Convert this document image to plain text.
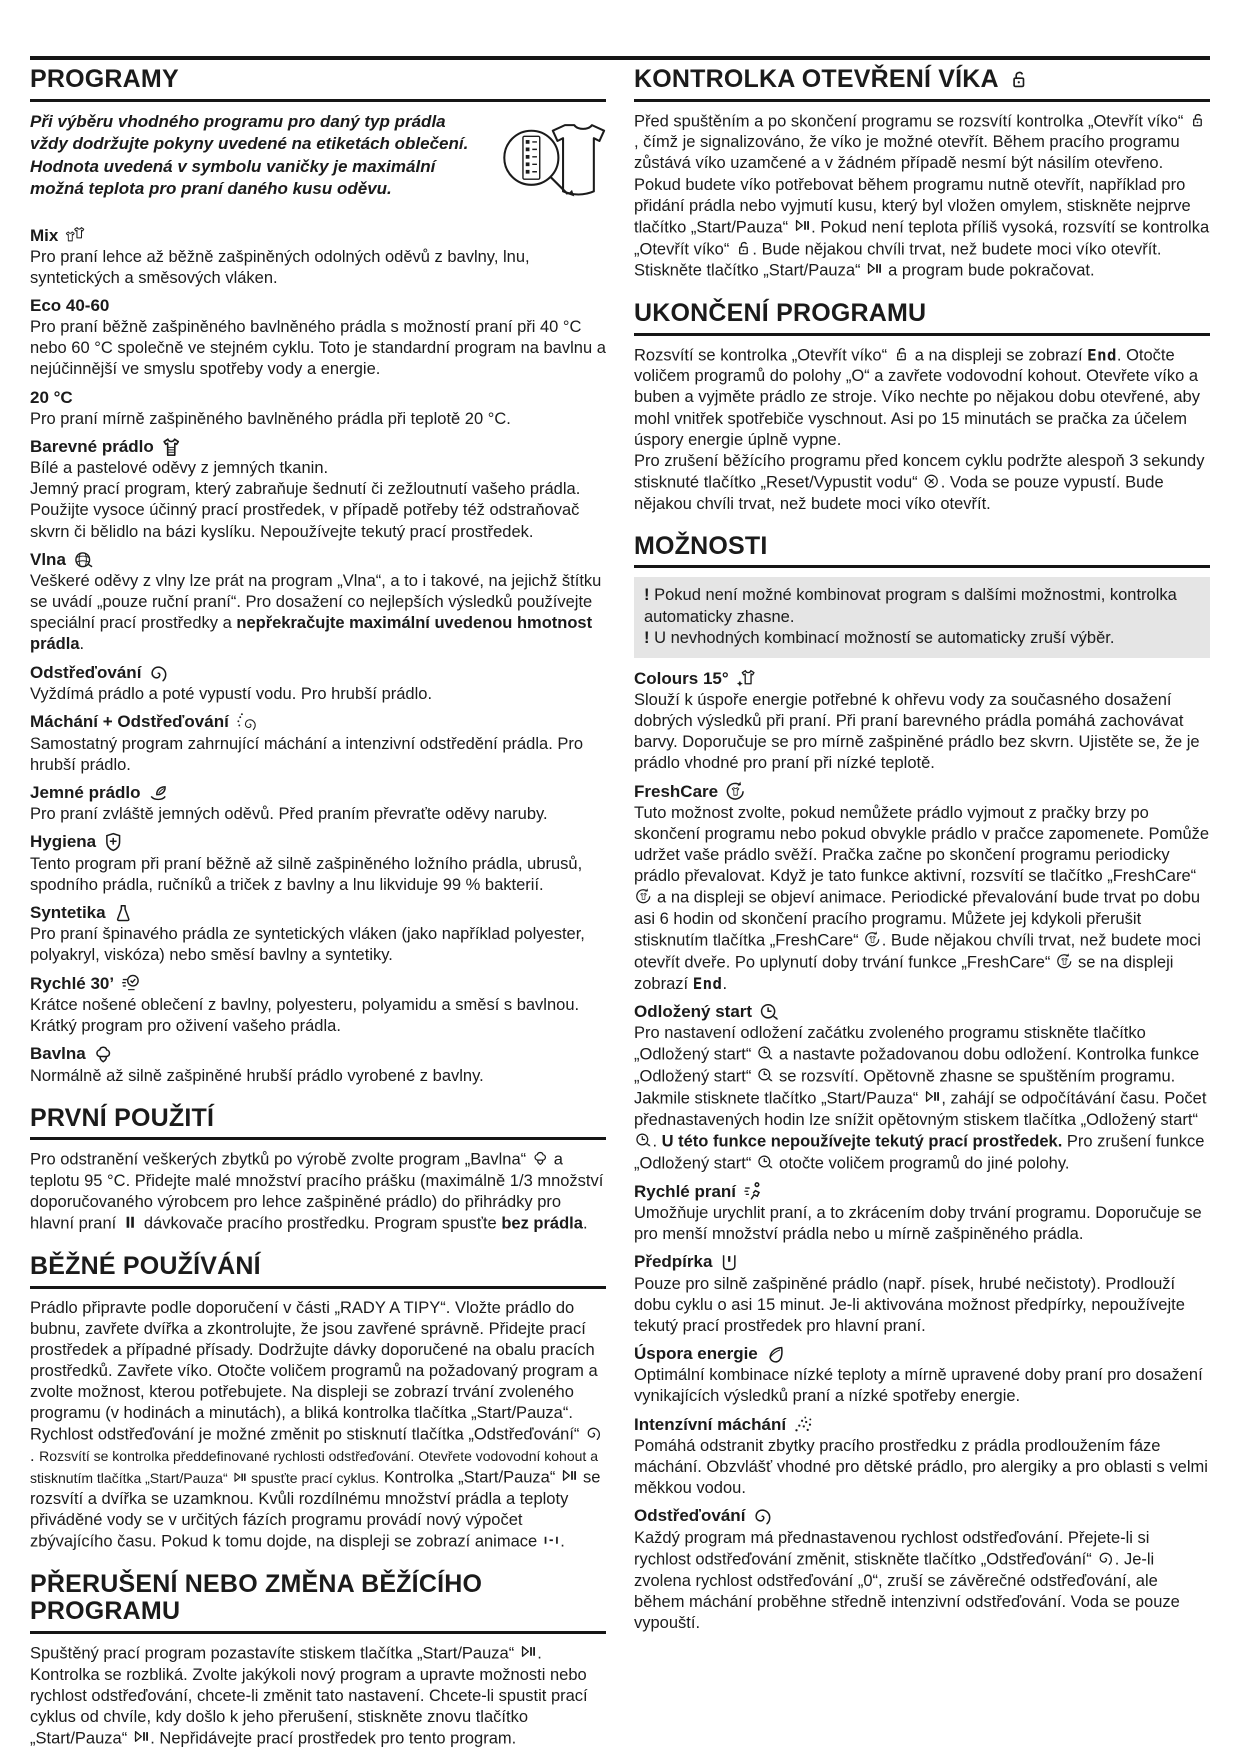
PROGRAMY

Při výběru vhodného programu pro daný typ prádla vždy dodržujte pokyny uvedené na etiketách oblečení. Hodnota uvedená v symbolu vaničky je maximální možná teplota pro praní daného kusu oděvu.

Mix

Pro praní lehce až běžně zašpiněných odolných oděvů z bavlny, lnu, syntetických a směsových vláken.

Eco 40-60

Pro praní běžně zašpiněného bavlněného prádla s možností praní při 40 °C nebo 60 °C společně ve stejném cyklu. Toto je standardní program na bavlnu a nejúčinnější ve smyslu spotřeby vody a energie.

20 °C

Pro praní mírně zašpiněného bavlněného prádla při teplotě 20 °C.

Barevné prádlo

Bílé a pastelové oděvy z jemných tkanin.
Jemný prací program, který zabraňuje šednutí či zežloutnutí vašeho prádla. Použijte vysoce účinný prací prostředek, v případě potřeby též odstraňovač skvrn či bělidlo na bázi kyslíku. Nepoužívejte tekutý prací prostředek.

Vlna

Veškeré oděvy z vlny lze prát na program „Vlna“, a to i takové, na jejichž štítku se uvádí „pouze ruční praní“. Pro dosažení co nejlepších výsledků používejte speciální prací prostředky a nepřekračujte maximální uvedenou hmotnost prádla.

Odstřeďování

Vyždímá prádlo a poté vypustí vodu. Pro hrubší prádlo.

Máchání + Odstřeďování

Samostatný program zahrnující máchání a intenzivní odstředění prádla. Pro hrubší prádlo.

Jemné prádlo

Pro praní zvláště jemných oděvů. Před praním převraťte oděvy naruby.

Hygiena

Tento program při praní běžně až silně zašpiněného ložního prádla, ubrusů, spodního prádla, ručníků a triček z bavlny a lnu likviduje 99 % bakterií.

Syntetika

Pro praní špinavého prádla ze syntetických vláken (jako například polyester, polyakryl, viskóza) nebo směsí bavlny a syntetiky.

Rychlé 30’

Krátce nošené oblečení z bavlny, polyesteru, polyamidu a směsí s bavlnou. Krátký program pro oživení vašeho prádla.

Bavlna

Normálně až silně zašpiněné hrubší prádlo vyrobené z bavlny.

PRVNÍ POUŽITÍ

Pro odstranění veškerých zbytků po výrobě zvolte program „Bavlna“  a teplotu 95 °C. Přidejte malé množství pracího prášku (maximálně 1/3 množství doporučovaného výrobcem pro lehce zašpiněné prádlo) do přihrádky pro hlavní praní  dávkovače pracího prostředku. Program spusťte bez prádla.

BĚŽNÉ POUŽÍVÁNÍ

Prádlo připravte podle doporučení v části „RADY A TIPY“. Vložte prádlo do bubnu, zavřete dvířka a zkontrolujte, že jsou zavřené správně. Přidejte prací prostředek a případné přísady. Dodržujte dávky doporučené na obalu pracích prostředků. Zavřete víko. Otočte voličem programů na požadovaný program a zvolte možnost, kterou potřebujete. Na displeji se zobrazí trvání zvoleného programu (v hodinách a minutách), a bliká kontrolka tlačítka „Start/Pauza“. Rychlost odstřeďování je možné změnit po stisknutí tlačítka „Odstřeďování“ . Rozsvítí se kontrolka předdefinované rychlosti odstřeďování. Otevřete vodovodní kohout a stisknutím tlačítka „Start/Pauza“  spusťte prací cyklus. Kontrolka „Start/Pauza“  se rozsvítí a dvířka se uzamknou. Kvůli rozdílnému množství prádla a teploty přiváděné vody se v určitých fázích programu provádí nový výpočet zbývajícího času. Pokud k tomu dojde, na displeji se zobrazí animace .

PŘERUŠENÍ NEBO ZMĚNA BĚŽÍCÍHO PROGRAMU

Spuštěný prací program pozastavíte stiskem tlačítka „Start/Pauza“ . Kontrolka se rozbliká. Zvolte jakýkoli nový program a upravte možnosti nebo rychlost odstřeďování, chcete-li změnit tato nastavení. Chcete-li spustit prací cyklus od chvíle, kdy došlo k jeho přerušení, stiskněte znovu tlačítko „Start/Pauza“ . Nepřidávejte prací prostředek pro tento program.

KONTROLKA OTEVŘENÍ VÍKA

Před spuštěním a po skončení programu se rozsvítí kontrolka „Otevřít víko“ , čímž je signalizováno, že víko je možné otevřít. Během pracího programu zůstává víko uzamčené a v žádném případě nesmí být násilím otevřeno. Pokud budete víko potřebovat během programu nutně otevřít, například pro přidání prádla nebo vyjmutí kusu, který byl vložen omylem, stiskněte nejprve tlačítko „Start/Pauza“ . Pokud není teplota příliš vysoká, rozsvítí se kontrolka „Otevřít víko“ . Bude nějakou chvíli trvat, než budete moci víko otevřít. Stiskněte tlačítko „Start/Pauza“  a program bude pokračovat.

UKONČENÍ PROGRAMU

Rozsvítí se kontrolka „Otevřít víko“  a na displeji se zobrazí End. Otočte voličem programů do polohy „O“ a zavřete vodovodní kohout. Otevřete víko a buben a vyjměte prádlo ze stroje. Víko nechte po nějakou dobu otevřené, aby mohl vnitřek spotřebiče vyschnout. Asi po 15 minutách se pračka za účelem úspory energie úplně vypne.
Pro zrušení běžícího programu před koncem cyklu podržte alespoň 3 sekundy stisknuté tlačítko „Reset/Vypustit vodu“ . Voda se pouze vypustí. Bude nějakou chvíli trvat, než budete moci víko otevřít.

MOŽNOSTI

! Pokud není možné kombinovat program s dalšími možnostmi, kontrolka automaticky zhasne.
! U nevhodných kombinací možností se automaticky zruší výběr.

Colours 15°

Slouží k úspoře energie potřebné k ohřevu vody za současného dosažení dobrých výsledků při praní. Při praní barevného prádla pomáhá zachovávat barvy. Doporučuje se pro mírně zašpiněné prádlo bez skvrn. Ujistěte se, že je prádlo vhodné pro praní při nízké teplotě.

FreshCare

Tuto možnost zvolte, pokud nemůžete prádlo vyjmout z pračky brzy po skončení programu nebo pokud obvykle prádlo v pračce zapomenete. Pomůže udržet vaše prádlo svěží. Pračka začne po skončení programu periodicky prádlo převalovat. Když je tato funkce aktivní, rozsvítí se tlačítko „FreshCare“  a na displeji se objeví animace. Periodické převalování bude trvat po dobu asi 6 hodin od skončení pracího programu. Můžete jej kdykoli přerušit stisknutím tlačítka „FreshCare“ . Bude nějakou chvíli trvat, než budete moci otevřít dveře. Po uplynutí doby trvání funkce „FreshCare“  se na displeji zobrazí End.

Odložený start

Pro nastavení odložení začátku zvoleného programu stiskněte tlačítko „Odložený start“  a nastavte požadovanou dobu odložení. Kontrolka funkce „Odložený start“  se rozsvítí. Opětovně zhasne se spuštěním programu. Jakmile stisknete tlačítko „Start/Pauza“ , zahájí se odpočítávání času. Počet přednastavených hodin lze snížit opětovným stiskem tlačítka „Odložený start“ . U této funkce nepoužívejte tekutý prací prostředek. Pro zrušení funkce „Odložený start“  otočte voličem programů do jiné polohy.

Rychlé praní

Umožňuje urychlit praní, a to zkrácením doby trvání programu. Doporučuje se pro menší množství prádla nebo u mírně zašpiněného prádla.

Předpírka

Pouze pro silně zašpiněné prádlo (např. písek, hrubé nečistoty). Prodlouží dobu cyklu o asi 15 minut. Je-li aktivována možnost předpírky, nepoužívejte tekutý prací prostředek pro hlavní praní.

Úspora energie

Optimální kombinace nízké teploty a mírně upravené doby praní pro dosažení vynikajících výsledků praní a nízké spotřeby energie.

Intenzívní máchání

Pomáhá odstranit zbytky pracího prostředku z prádla prodloužením fáze máchání. Obzvlášť vhodné pro dětské prádlo, pro alergiky a pro oblasti s velmi měkkou vodou.

Odstřeďování

Každý program má přednastavenou rychlost odstřeďování. Přejete-li si rychlost odstřeďování změnit, stiskněte tlačítko „Odstřeďování“ . Je-li zvolena rychlost odstřeďování „0“, zruší se závěrečné odstřeďování, ale během máchání proběhne středně intenzivní odstřeďování. Voda se pouze vypouští.
